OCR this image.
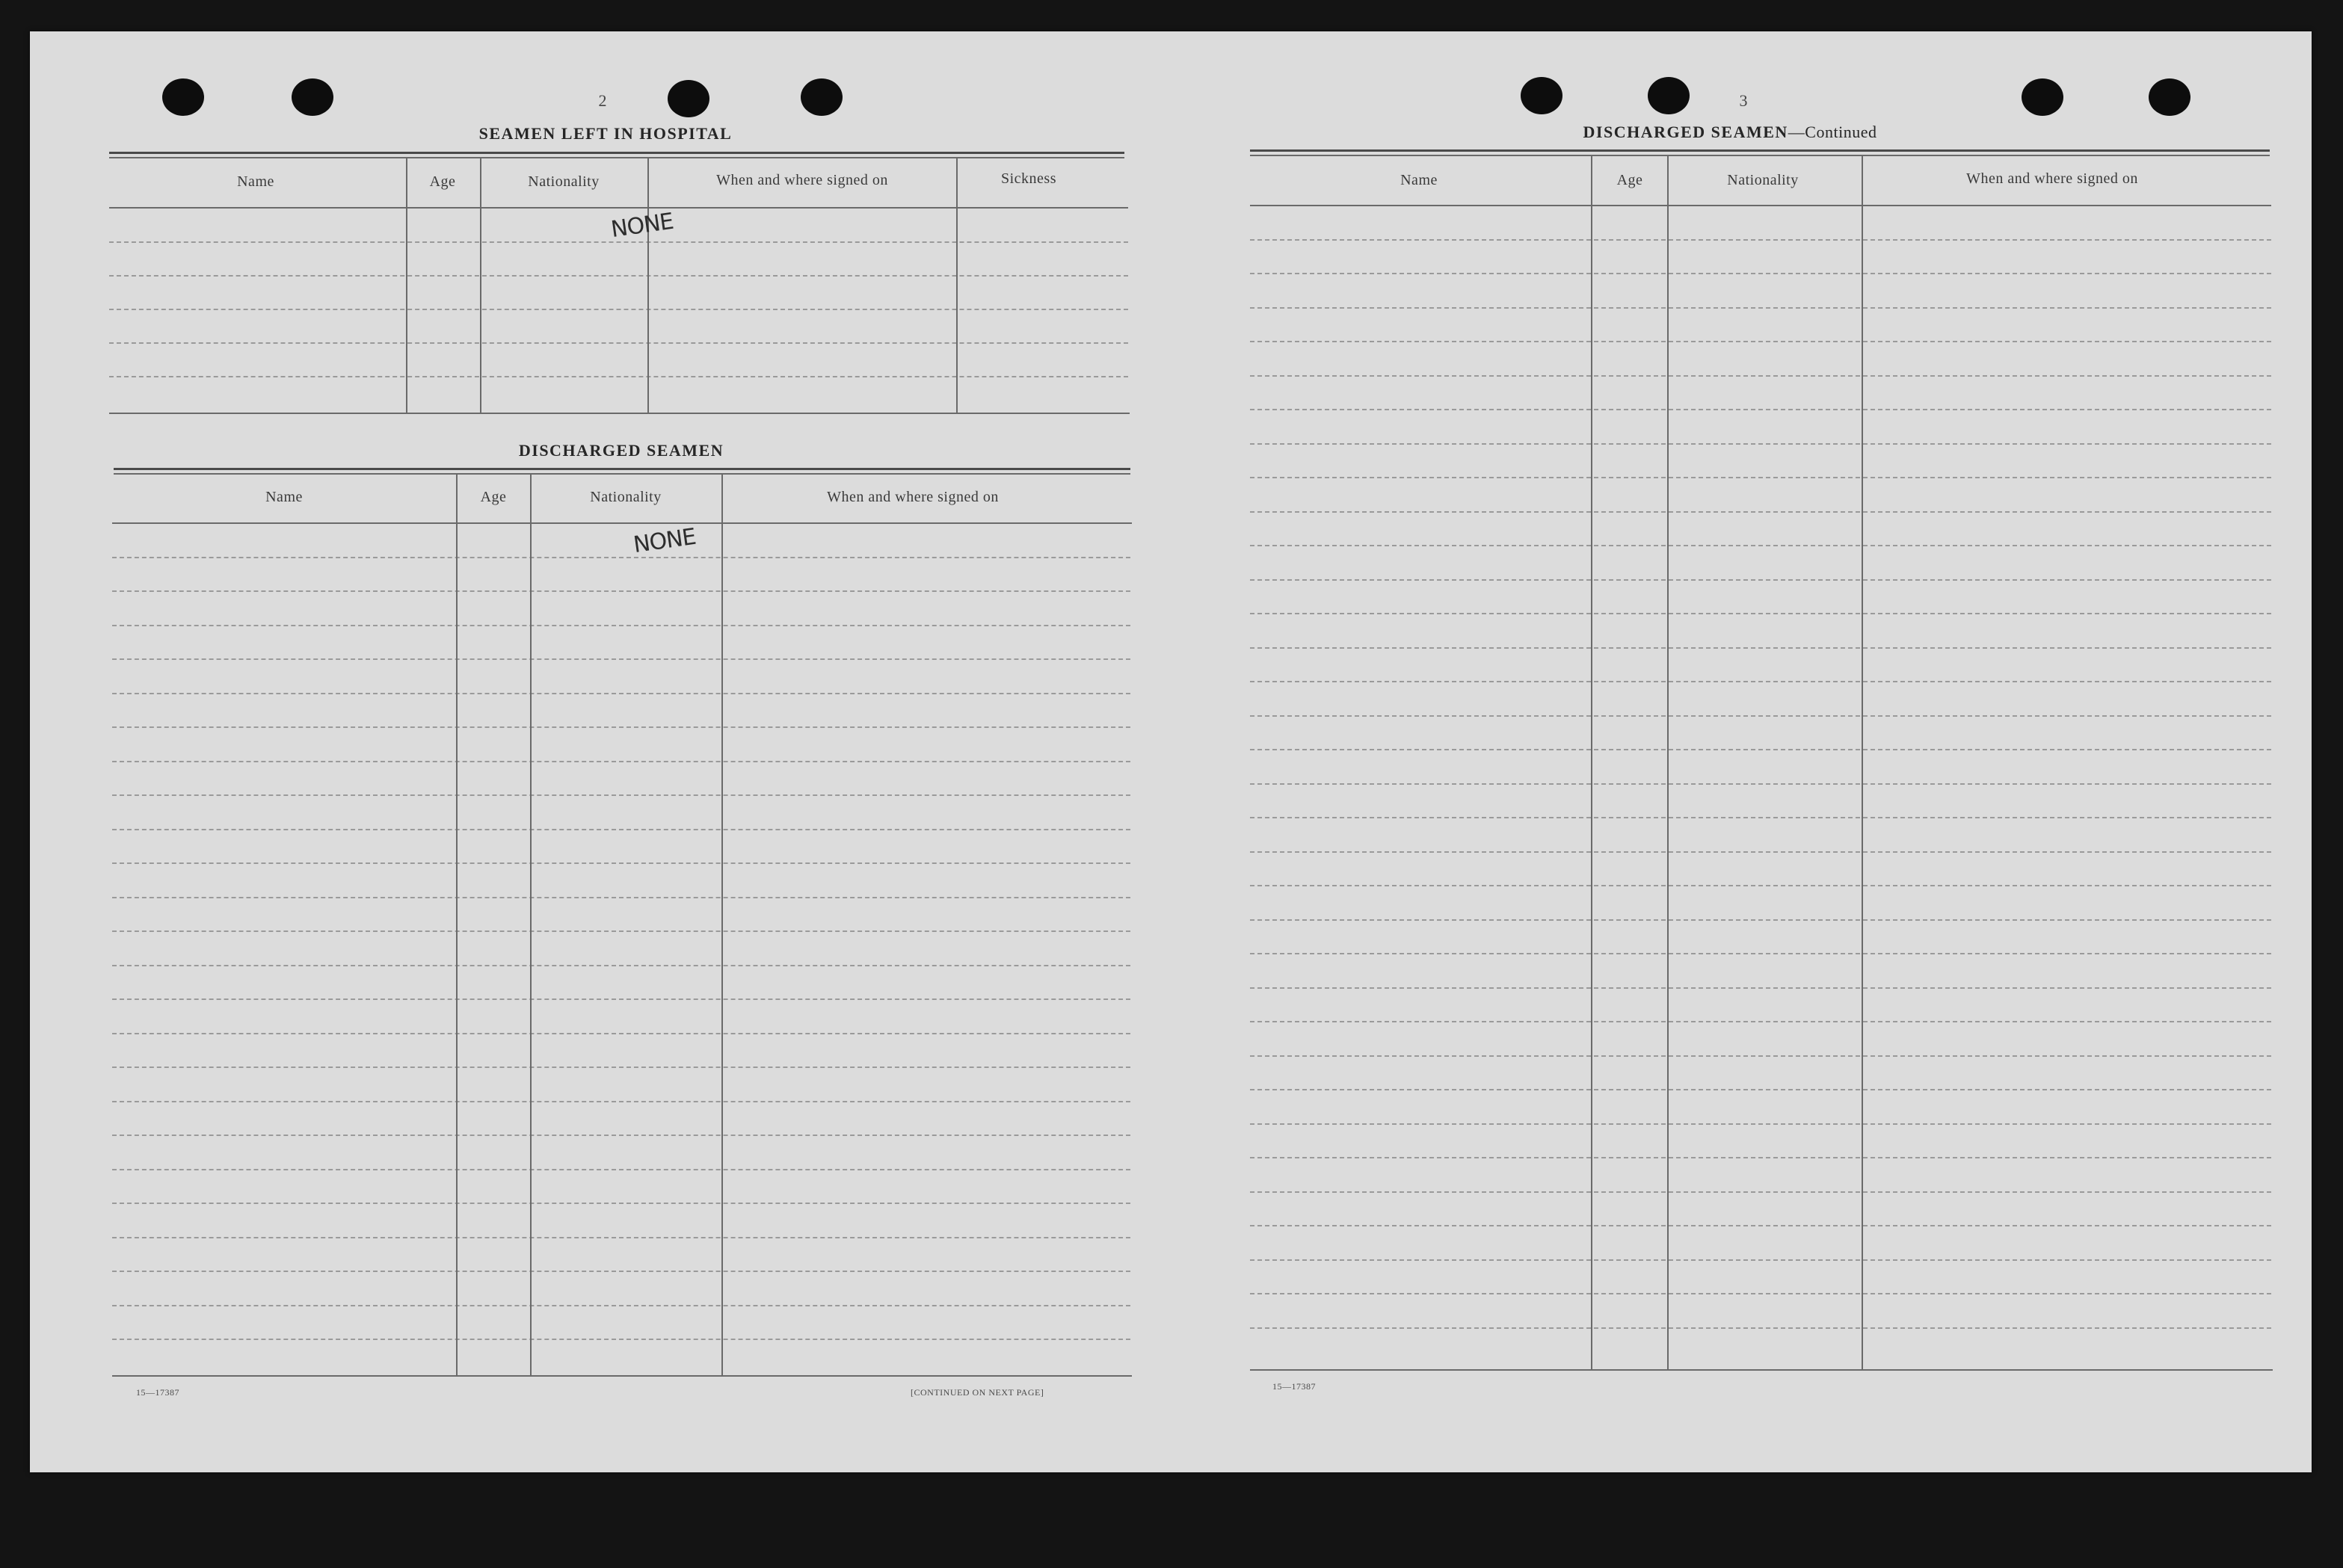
2
SEAMEN LEFT IN HOSPITAL
Name	Age	Nationality	When and where signed on	Sickness
NONE
DISCHARGED SEAMEN
Name	Age	Nationality	When and where signed on
NONE
15—17387	[CONTINUED ON NEXT PAGE]
3
DISCHARGED SEAMEN—Continued
Name	Age	Nationality	When and where signed on
15—17387
